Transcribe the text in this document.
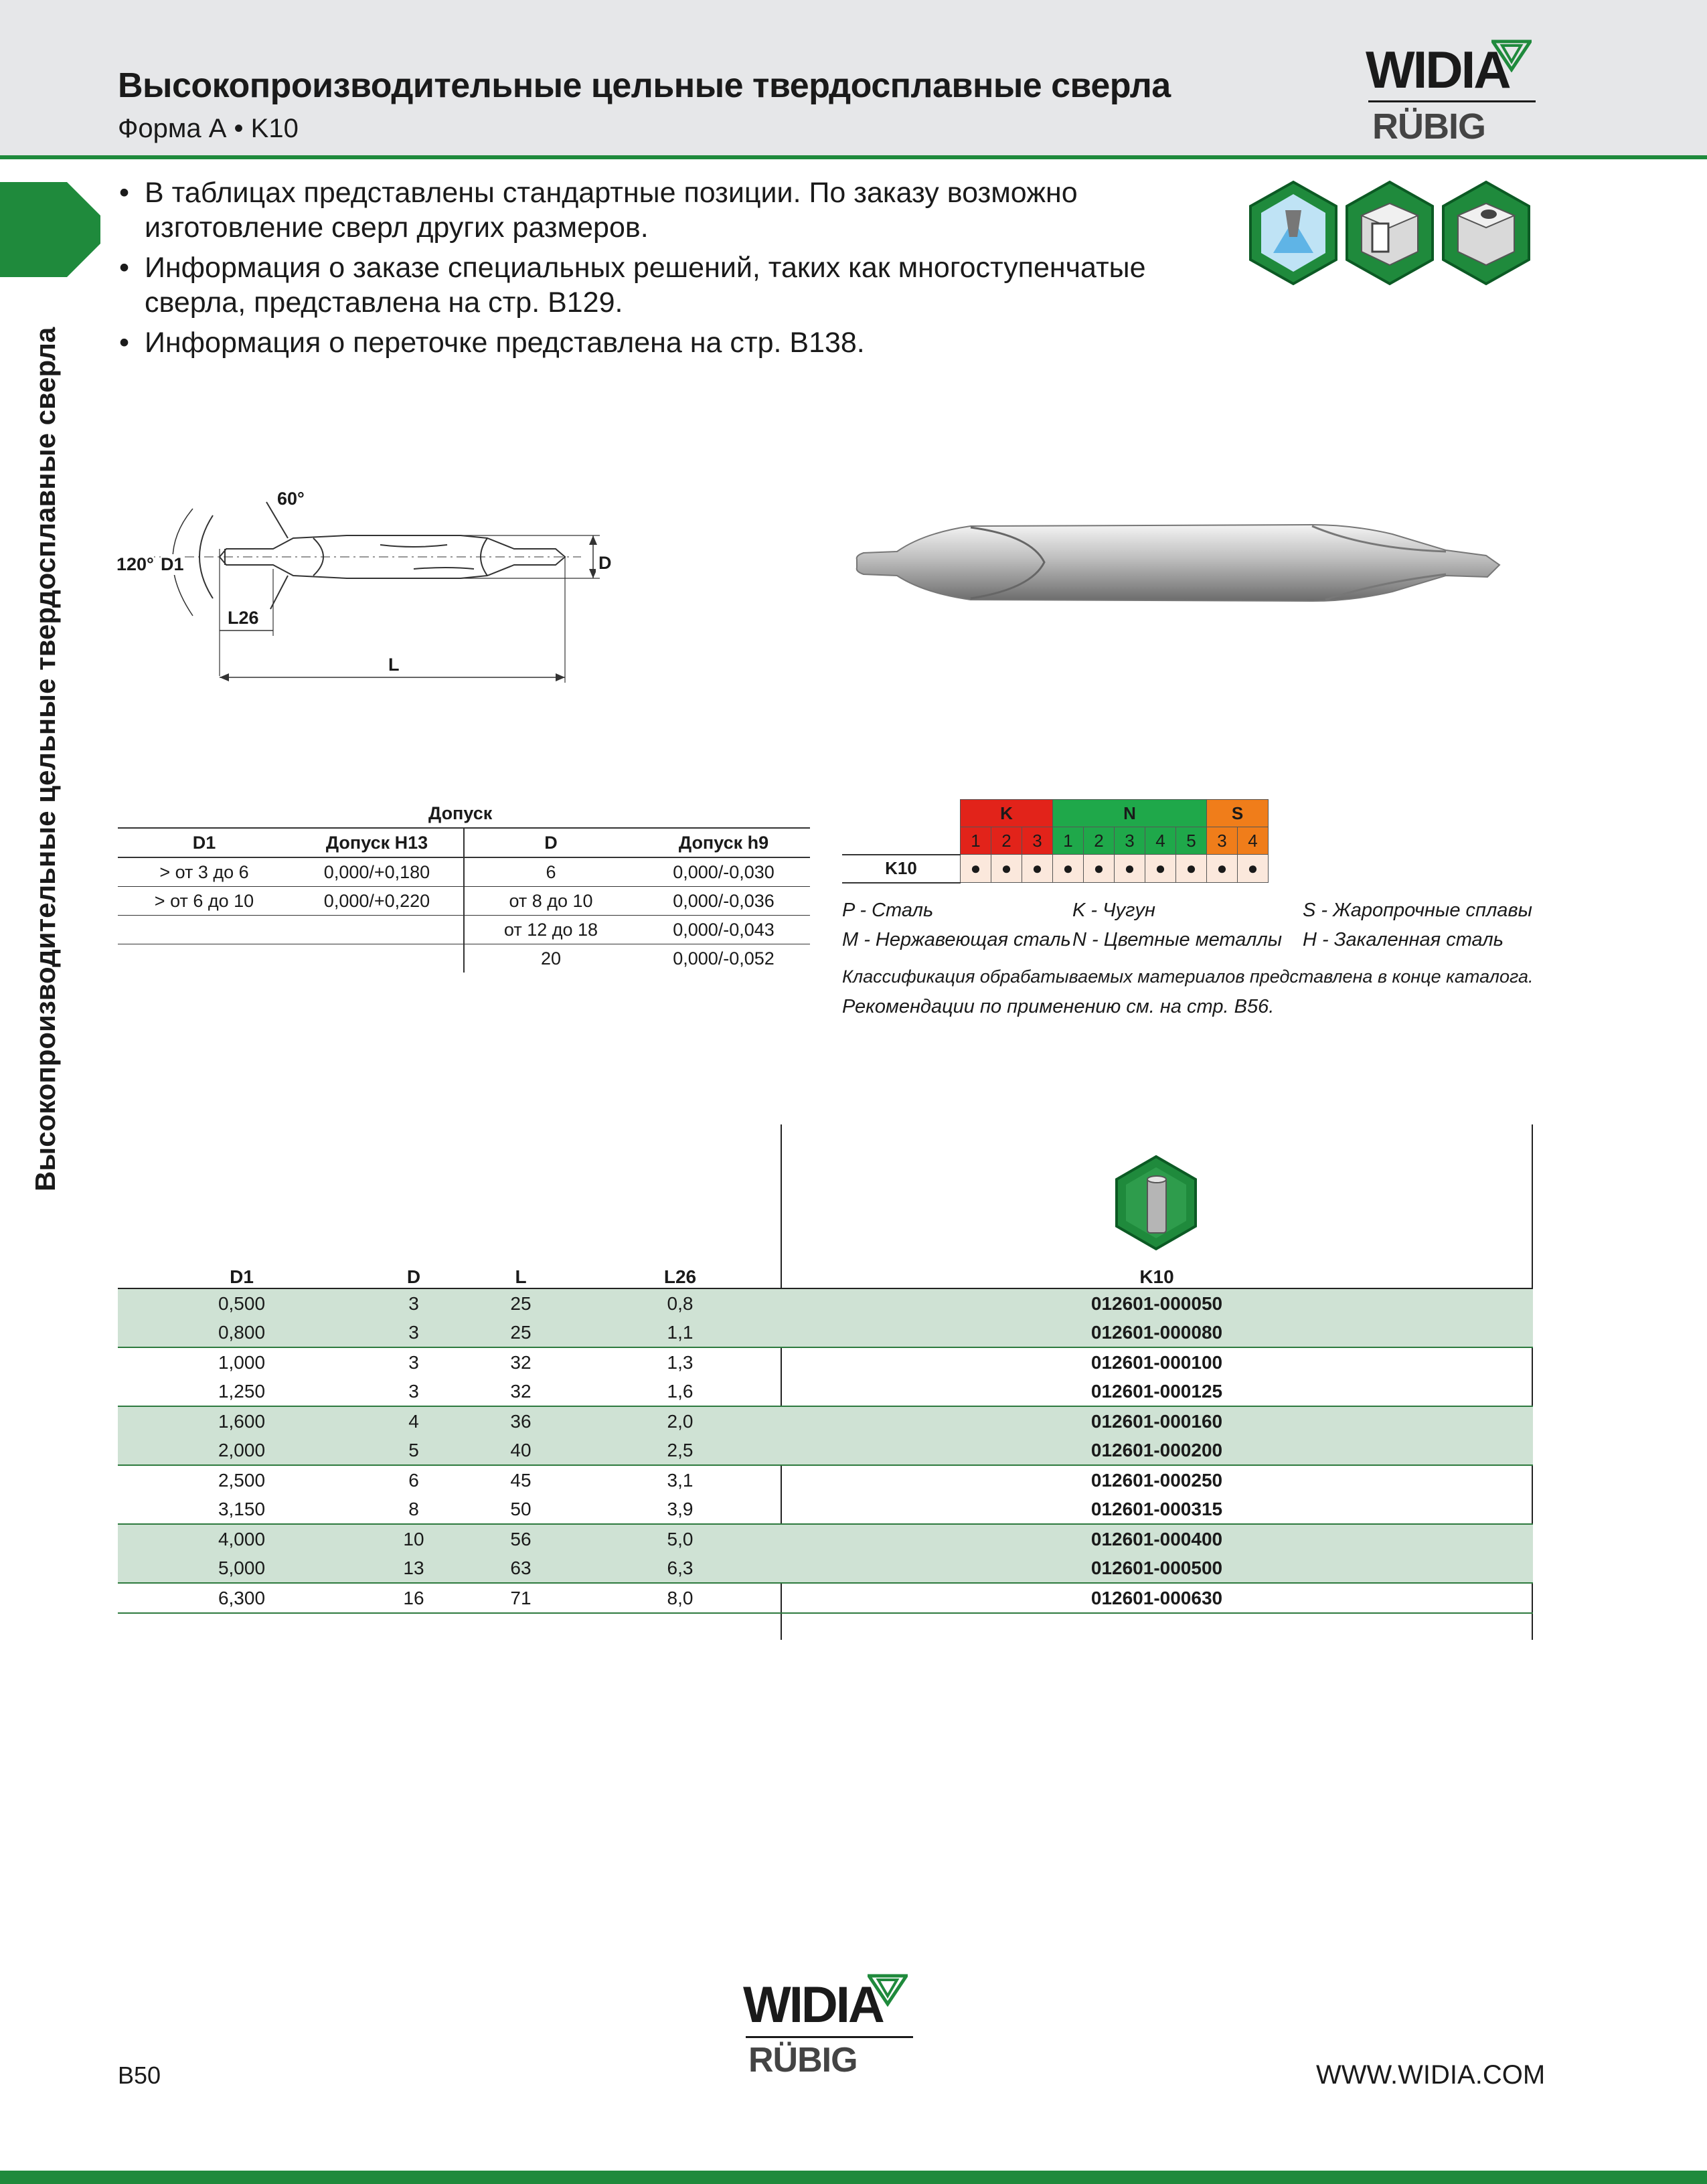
Высокопроизводительные цельные твердосплавные сверла
Форма А • K10
WIDIA
RÜBIG
Высокопроизводительные цельные твердосплавные сверла
• В таблицах представлены стандартные позиции. По заказу возможно изготовление сверл других размеров.
• Информация о заказе специальных решений, таких как многоступенчатые сверла, представлена на стр. B129.
• Информация о переточке представлена на стр. B138.
60°
120° D1	D
L26
L
Допуск
D1	Допуск H13	D	Допуск h9
> от 3 до 6	0,000/+0,180	6	0,000/-0,030
> от 6 до 10	0,000/+0,220	от 8 до 10	0,000/-0,036
		от 12 до 18	0,000/-0,043
		20	0,000/-0,052
	K			N					S	
	1	2	3	1	2	3	4	5	3	4
K10	●	●	●	●	●	●	●	●	●	●
P - Сталь	K - Чугун	S - Жаропрочные сплавы
M - Нержавеющая сталь N - Цветные металлы H - Закаленная сталь
Классификация обрабатываемых материалов представлена в конце каталога.
Рекомендации по применению см. на стр. B56.
D1	D	L	L26	K10
0,500	3	25	0,8	012601-000050
0,800	3	25	1,1	012601-000080
1,000	3	32	1,3	012601-000100
1,250	3	32	1,6	012601-000125
1,600	4	36	2,0	012601-000160
2,000	5	40	2,5	012601-000200
2,500	6	45	3,1	012601-000250
3,150	8	50	3,9	012601-000315
4,000	10	56	5,0	012601-000400
5,000	13	63	6,3	012601-000500
6,300	16	71	8,0	012601-000630
WIDIA
RÜBIG
B50	WWW.WIDIA.COM
